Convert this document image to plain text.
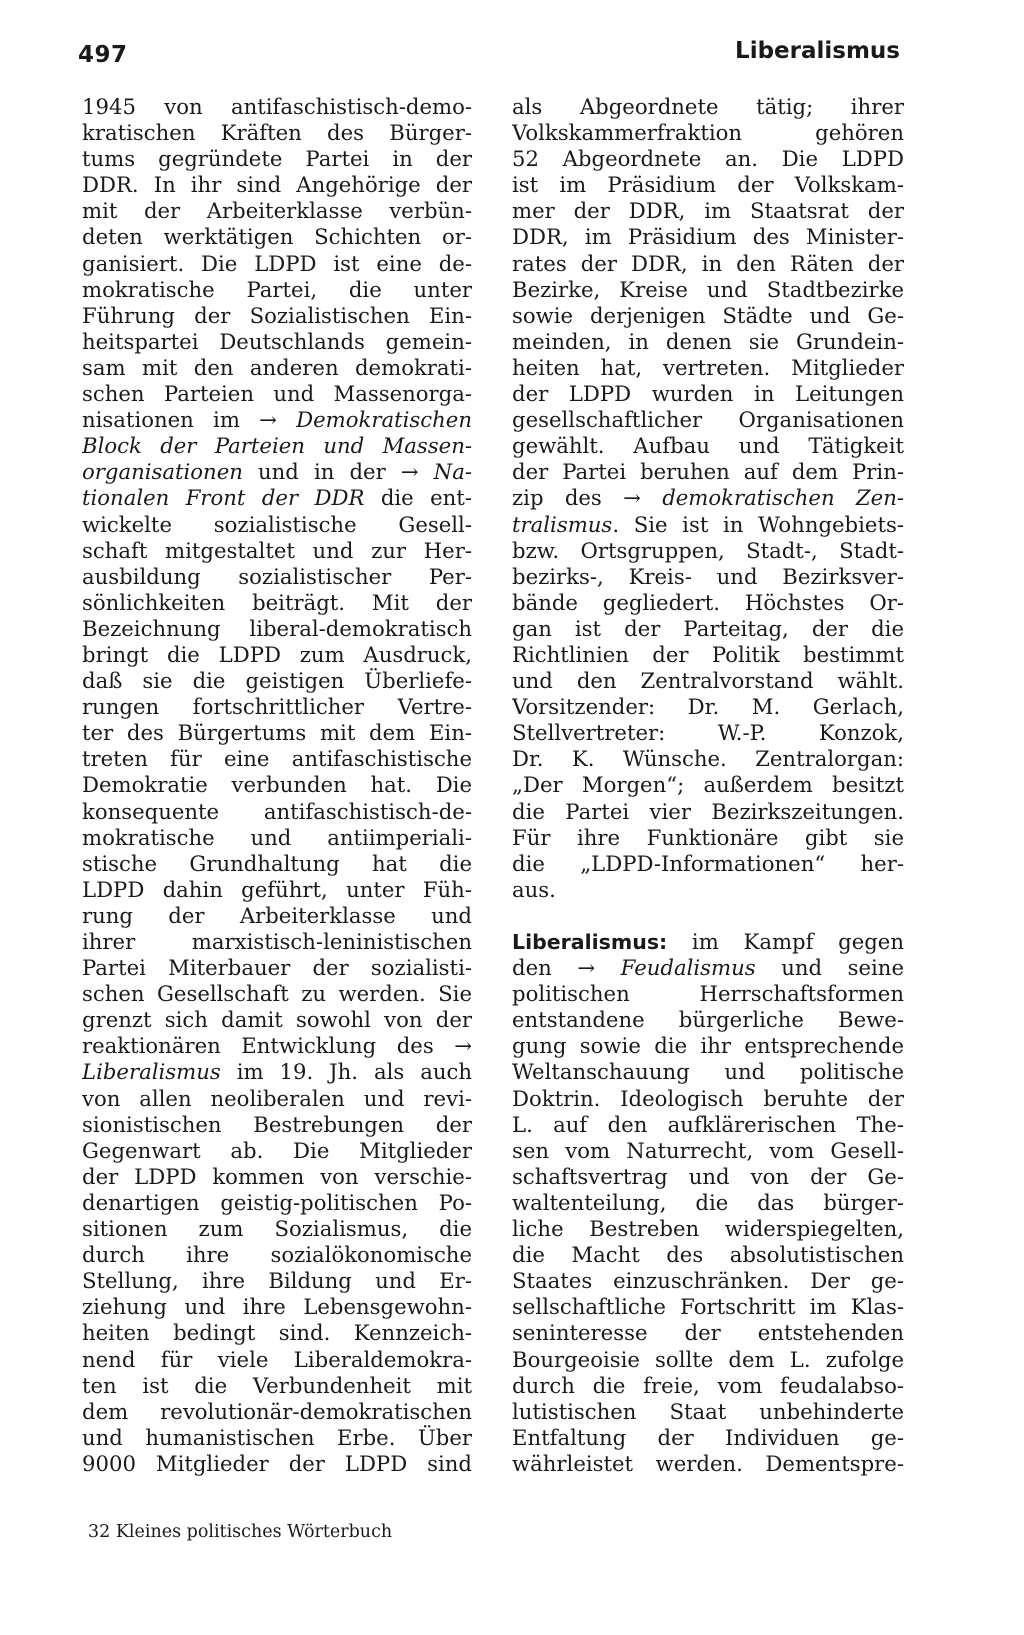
497	Liberalismus
1945 von antifaschistisch-demo-
kratischen Kräften des Bürger-
tums gegründete Partei in der
DDR. In ihr sind Angehörige der
mit der Arbeiterklasse verbün-
deten werktätigen Schichten or-
ganisiert. Die LDPD ist eine de-
mokratische Partei, die unter
Führung der Sozialistischen Ein-
heitspartei Deutschlands gemein-
sam mit den anderen demokrati-
schen Parteien und Massenorga-
nisationen im → Demokratischen
Block der Parteien und Massen-
organisationen und in der → Na-
tionalen Front der DDR die ent-
wickelte sozialistische Gesell-
schaft mitgestaltet und zur Her-
ausbildung sozialistischer Per-
sönlichkeiten beiträgt. Mit der
Bezeichnung liberal-demokratisch
bringt die LDPD zum Ausdruck,
daß sie die geistigen Überliefe-
rungen fortschrittlicher Vertre-
ter des Bürgertums mit dem Ein-
treten für eine antifaschistische
Demokratie verbunden hat. Die
konsequente antifaschistisch-de-
mokratische und antiimperiali-
stische Grundhaltung hat die
LDPD dahin geführt, unter Füh-
rung der Arbeiterklasse und
ihrer marxistisch-leninistischen
Partei Miterbauer der sozialisti-
schen Gesellschaft zu werden. Sie
grenzt sich damit sowohl von der
reaktionären Entwicklung des →
Liberalismus im 19. Jh. als auch
von allen neoliberalen und revi-
sionistischen Bestrebungen der
Gegenwart ab. Die Mitglieder
der LDPD kommen von verschie-
denartigen geistig-politischen Po-
sitionen zum Sozialismus, die
durch ihre sozialökonomische
Stellung, ihre Bildung und Er-
ziehung und ihre Lebensgewohn-
heiten bedingt sind. Kennzeich-
nend für viele Liberaldemokra-
ten ist die Verbundenheit mit
dem revolutionär-demokratischen
und humanistischen Erbe. Über
9000 Mitglieder der LDPD sind
als Abgeordnete tätig; ihrer
Volkskammerfraktion gehören
52 Abgeordnete an. Die LDPD
ist im Präsidium der Volkskam-
mer der DDR, im Staatsrat der
DDR, im Präsidium des Minister-
rates der DDR, in den Räten der
Bezirke, Kreise und Stadtbezirke
sowie derjenigen Städte und Ge-
meinden, in denen sie Grundein-
heiten hat, vertreten. Mitglieder
der LDPD wurden in Leitungen
gesellschaftlicher Organisationen
gewählt. Aufbau und Tätigkeit
der Partei beruhen auf dem Prin-
zip des → demokratischen Zen-
tralismus. Sie ist in Wohngebiets-
bzw. Ortsgruppen, Stadt-, Stadt-
bezirks-, Kreis- und Bezirksver-
bände gegliedert. Höchstes Or-
gan ist der Parteitag, der die
Richtlinien der Politik bestimmt
und den Zentralvorstand wählt.
Vorsitzender: Dr. M. Gerlach,
Stellvertreter: W.-P. Konzok,
Dr. K. Wünsche. Zentralorgan:
„Der Morgen“; außerdem besitzt
die Partei vier Bezirkszeitungen.
Für ihre Funktionäre gibt sie
die „LDPD-Informationen“ her-
aus.
Liberalismus: im Kampf gegen
den → Feudalismus und seine
politischen Herrschaftsformen
entstandene bürgerliche Bewe-
gung sowie die ihr entsprechende
Weltanschauung und politische
Doktrin. Ideologisch beruhte der
L. auf den aufklärerischen The-
sen vom Naturrecht, vom Gesell-
schaftsvertrag und von der Ge-
waltenteilung, die das bürger-
liche Bestreben widerspiegelten,
die Macht des absolutistischen
Staates einzuschränken. Der ge-
sellschaftliche Fortschritt im Klas-
seninteresse der entstehenden
Bourgeoisie sollte dem L. zufolge
durch die freie, vom feudalabso-
lutistischen Staat unbehinderte
Entfaltung der Individuen ge-
währleistet werden. Dementspre-
32 Kleines politisches Wörterbuch
